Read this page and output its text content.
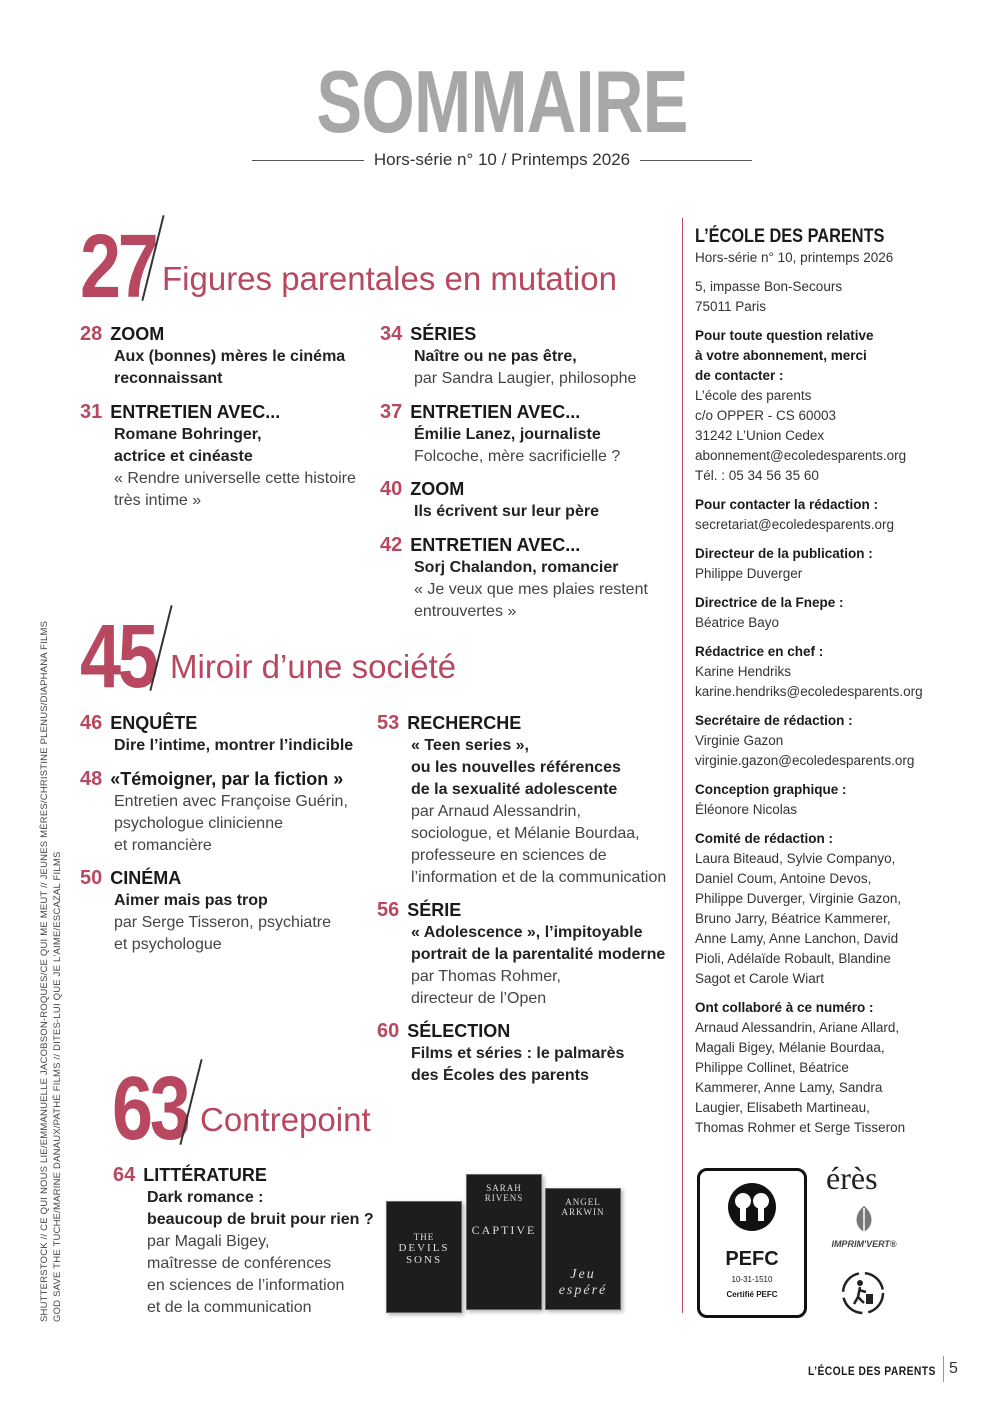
SOMMAIRE
Hors-série n° 10 / Printemps 2026
27 Figures parentales en mutation
45 Miroir d’une société
63 Contrepoint
28 ZOOM
Aux (bonnes) mères le cinéma
reconnaissant
31 ENTRETIEN AVEC...
Romane Bohringer,
actrice et cinéaste
« Rendre universelle cette histoire
très intime »
34 SÉRIES
Naître ou ne pas être,
par Sandra Laugier, philosophe
37 ENTRETIEN AVEC...
Émilie Lanez, journaliste
Folcoche, mère sacrificielle ?
40 ZOOM
Ils écrivent sur leur père
42 ENTRETIEN AVEC...
Sorj Chalandon, romancier
« Je veux que mes plaies restent
entrouvertes »
46 ENQUÊTE
Dire l’intime, montrer l’indicible
48 «Témoigner, par la fiction »
Entretien avec Françoise Guérin,
psychologue clinicienne
et romancière
50 CINÉMA
Aimer mais pas trop
par Serge Tisseron, psychiatre
et psychologue
53 RECHERCHE
« Teen series »,
ou les nouvelles références
de la sexualité adolescente
par Arnaud Alessandrin,
sociologue, et Mélanie Bourdaa,
professeure en sciences de
l’information et de la communication
56 SÉRIE
« Adolescence », l’impitoyable
portrait de la parentalité moderne
par Thomas Rohmer,
directeur de l’Open
60 SÉLECTION
Films et séries : le palmarès
des Écoles des parents
64 LITTÉRATURE
Dark romance :
beaucoup de bruit pour rien ?
par Magali Bigey,
maîtresse de conférences
en sciences de l’information
et de la communication
THE
DEVILS SONS
SARAH RIVENS
CAPTIVE
ANGEL ARKWIN
Jeu espéré
L’ÉCOLE DES PARENTS
Hors-série n° 10, printemps 2026
5, impasse Bon-Secours
75011 Paris
Pour toute question relative
à votre abonnement, merci
de contacter :
L’école des parents
c/o OPPER - CS 60003
31242 L’Union Cedex
abonnement@ecoledesparents.org
Tél. : 05 34 56 35 60
Pour contacter la rédaction :
secretariat@ecoledesparents.org
Directeur de la publication :
Philippe Duverger
Directrice de la Fnepe :
Béatrice Bayo
Rédactrice en chef :
Karine Hendriks
karine.hendriks@ecoledesparents.org
Secrétaire de rédaction :
Virginie Gazon
virginie.gazon@ecoledesparents.org
Conception graphique :
Éléonore Nicolas
Comité de rédaction :
Laura Biteaud, Sylvie Companyo,
Daniel Coum, Antoine Devos,
Philippe Duverger, Virginie Gazon,
Bruno Jarry, Béatrice Kammerer,
Anne Lamy, Anne Lanchon, David
Pioli, Adélaïde Robault, Blandine
Sagot et Carole Wiart
Ont collaboré à ce numéro :
Arnaud Alessandrin, Ariane Allard,
Magali Bigey, Mélanie Bourdaa,
Philippe Collinet, Béatrice
Kammerer, Anne Lamy, Sandra
Laugier, Elisabeth Martineau,
Thomas Rohmer et Serge Tisseron
PEFC
10-31-1510
Certifié PEFC
érès
IMPRIM'VERT®
SHUTTERSTOCK // CE QUI NOUS LIE/EMMANUELLE JACOBSON-ROQUES/CE QUI ME MEUT // JEUNES MÈRES/CHRISTINE PLENUS/DIAPHANA FILMS GOD SAVE THE TUCHE/MARINE DANAUX/PATHÉ FILMS // DITES-LUI QUE JE L'AIME/ESCAZAL FILMS
L’ÉCOLE DES PARENTS 5
